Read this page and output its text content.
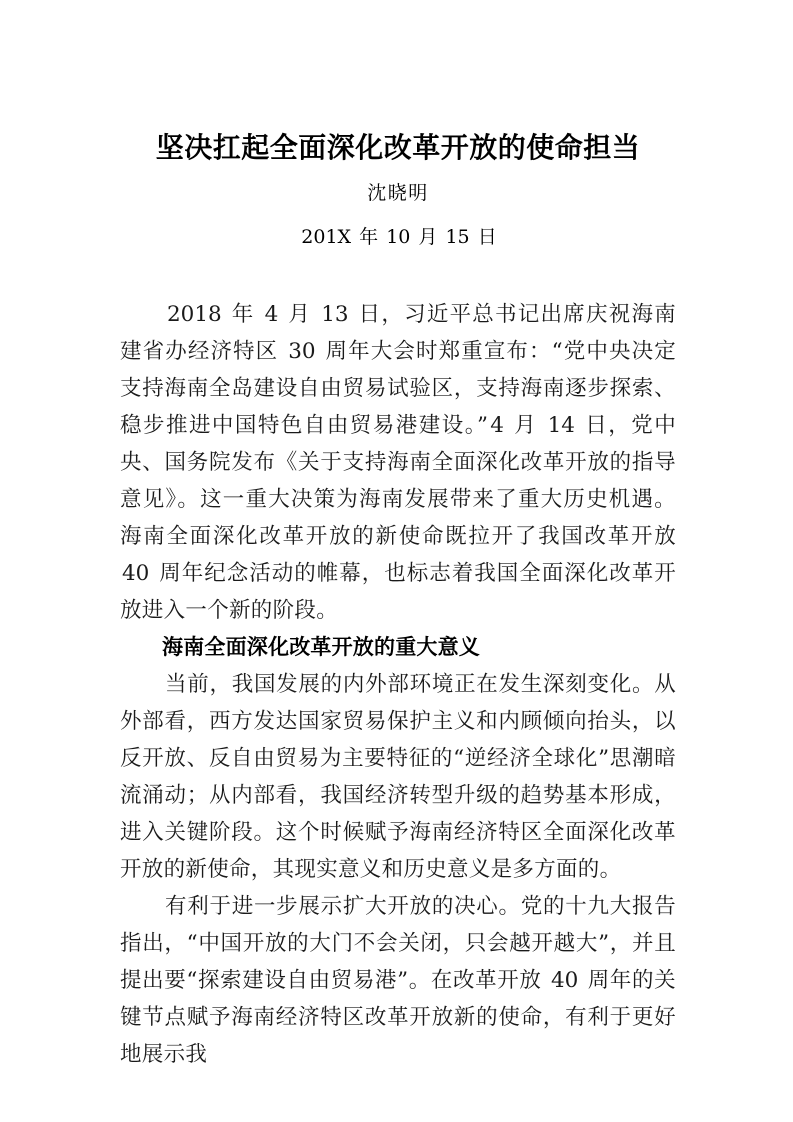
坚决扛起全面深化改革开放的使命担当
沈晓明
201X 年 10 月 15 日

2018 年 4 月 13 日，习近平总书记出席庆祝海南建省办经济特区 30 周年大会时郑重宣布：“党中央决定支持海南全岛建设自由贸易试验区，支持海南逐步探索、稳步推进中国特色自由贸易港建设。”4 月 14 日，党中央、国务院发布《关于支持海南全面深化改革开放的指导意见》。这一重大决策为海南发展带来了重大历史机遇。海南全面深化改革开放的新使命既拉开了我国改革开放 40 周年纪念活动的帷幕，也标志着我国全面深化改革开放进入一个新的阶段。

海南全面深化改革开放的重大意义

当前，我国发展的内外部环境正在发生深刻变化。从外部看，西方发达国家贸易保护主义和内顾倾向抬头，以反开放、反自由贸易为主要特征的“逆经济全球化”思潮暗流涌动；从内部看，我国经济转型升级的趋势基本形成，进入关键阶段。这个时候赋予海南经济特区全面深化改革开放的新使命，其现实意义和历史意义是多方面的。

有利于进一步展示扩大开放的决心。党的十九大报告指出，“中国开放的大门不会关闭，只会越开越大”，并且提出要“探索建设自由贸易港”。在改革开放 40 周年的关键节点赋予海南经济特区改革开放新的使命，有利于更好地展示我
